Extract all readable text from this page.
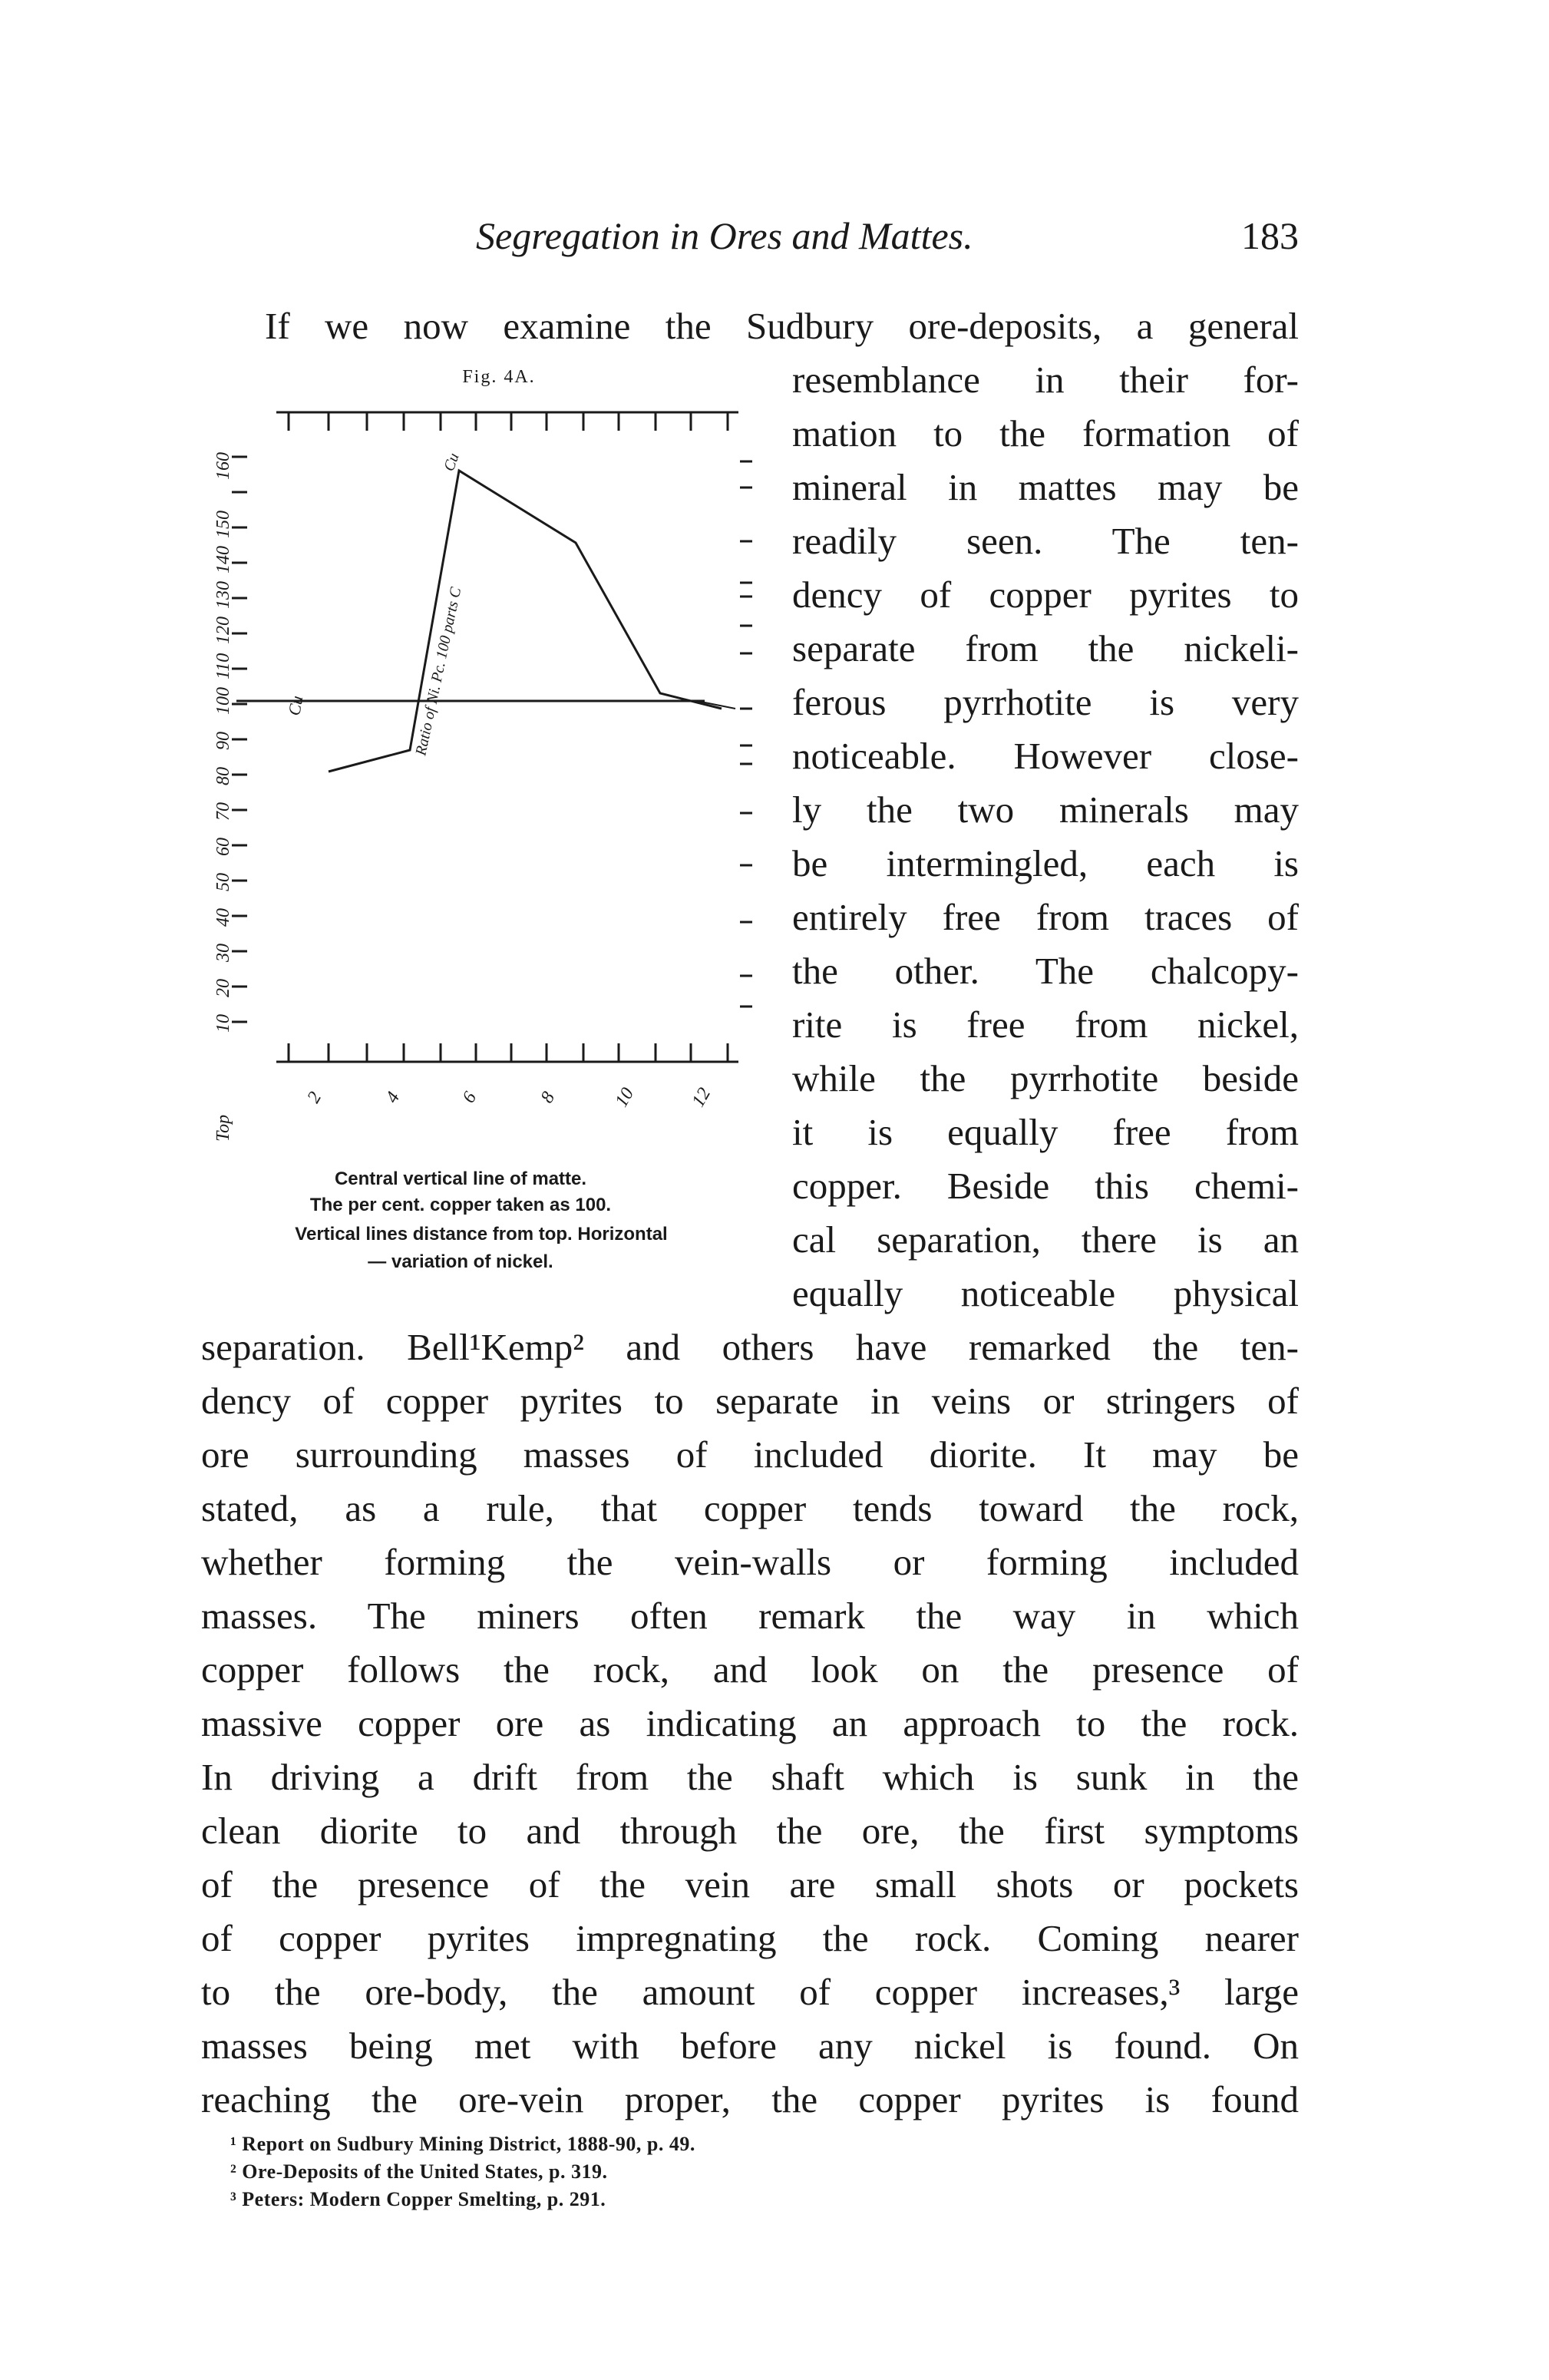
Segregation in Ores and Mattes.	183
If we now examine the Sudbury ore-deposits, a general
resemblance in their for-
mation to the formation of
mineral in mattes may be
readily seen. The ten-
dency of copper pyrites to
separate from the nickeli-
ferous pyrrhotite is very
noticeable. However close-
ly the two minerals may
be intermingled, each is
entirely free from traces of
the other. The chalcopy-
rite is free from nickel,
while the pyrrhotite beside
it is equally free from
copper. Beside this chemi-
cal separation, there is an
equally noticeable physical
separation. Bell¹Kemp² and others have remarked the ten-
dency of copper pyrites to separate in veins or stringers of
ore surrounding masses of included diorite. It may be
stated, as a rule, that copper tends toward the rock,
whether forming the vein-walls or forming included
masses. The miners often remark the way in which
copper follows the rock, and look on the presence of
massive copper ore as indicating an approach to the rock.
In driving a drift from the shaft which is sunk in the
clean diorite to and through the ore, the first symptoms
of the presence of the vein are small shots or pockets
of copper pyrites impregnating the rock. Coming nearer
to the ore-body, the amount of copper increases,³ large
masses being met with before any nickel is found. On
reaching the ore-vein proper, the copper pyrites is found
Fig. 4A.
Top
10
20
30
40
50
60
70
80
90
100
110
120
130
140
150
160
2	4	6	8	10	12
Cu	Ratio of Ni. Pc. 100 parts C
Cu
Central vertical line of matte.
The per cent. copper taken as 100.
Vertical lines distance from top. Horizontal
— variation of nickel.
¹ Report on Sudbury Mining District, 1888-90, p. 49.
² Ore-Deposits of the United States, p. 319.
³ Peters: Modern Copper Smelting, p. 291.
